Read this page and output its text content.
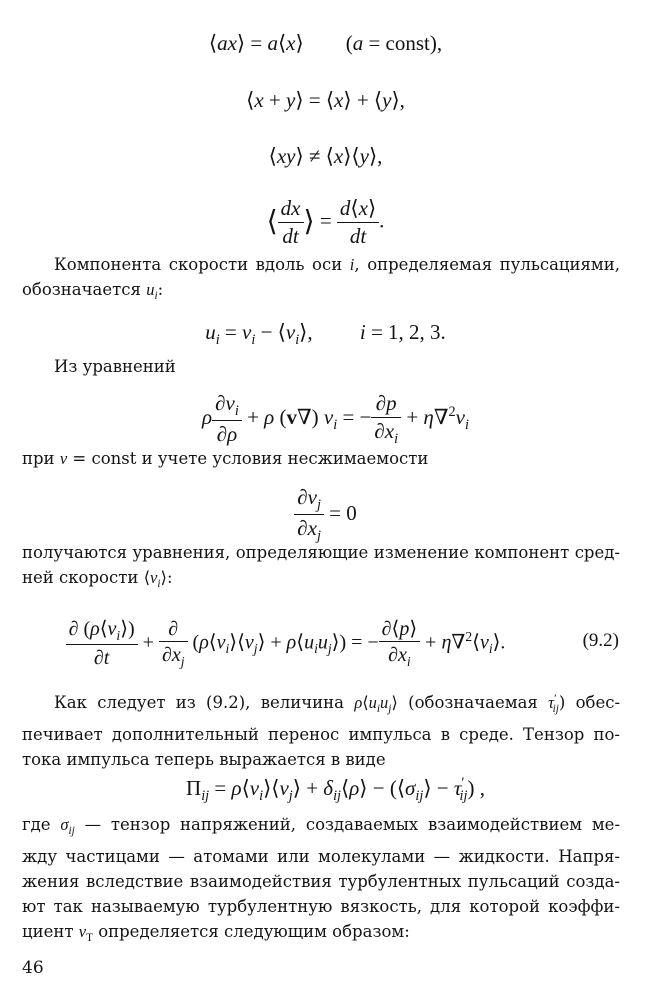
⟨ax⟩ = a⟨x⟩        (a = const),
⟨x + y⟩ = ⟨x⟩ + ⟨y⟩,
⟨xy⟩ ≠ ⟨x⟩⟨y⟩,
⟨ $\frac{dx}{dt}$ ⟩ = $\frac{d⟨x⟩}{dt}$ .
Компонента скорости вдоль оси i, определяемая пульсациями,
обозначается $u_i$:
$u_i = v_i$ − $⟨v_i⟩$,         i = 1, 2, 3.
Из уравнений
ρ $\frac{\partial v_i}{\partial\rho} + \rho$ (v∇) $v_i$ = − $\frac{\partial p}{\partial x_i} + \eta\nabla^2v_i$
при ν = const и учете условия несжимаемости
$\frac{\partial v_j}{\partial x_j} = 0$
получаются уравнения, определяющие изменение компонент сред-
ней скорости $⟨v_i⟩$:
$\frac{\partial (\rho⟨v_i⟩)}{\partial t} + \frac{\partial}{\partial x_j}$ ($\rho⟨v_i⟩⟨v_j⟩$ + $\rho⟨u_iu_j⟩$) = − $\frac{\partial⟨p⟩}{\partial x_i}$ + $\eta\nabla^2⟨v_i⟩$.	(9.2)
Как следует из (9.2), величина $\rho⟨u_iu_j⟩$ (обозначаемая $\tau'_{ij}$) обес-
печивает дополнительный перенос импульса в среде. Тензор по-
тока импульса теперь выражается в виде
$\Pi_{ij}$ = $\rho⟨v_i⟩⟨v_j⟩$ + $\delta_{ij}⟨\rho⟩$ − $(⟨\sigma_{ij}⟩ - \tau'_{ij})$ ,
где $\sigma_{ij}$ — тензор напряжений, создаваемых взаимодействием ме-
жду частицами — атомами или молекулами — жидкости. Напря-
жения вследствие взаимодействия турбулентных пульсаций созда-
ют так называемую турбулентную вязкость, для которой коэффи-
циент $\nu_T$ определяется следующим образом:
46
